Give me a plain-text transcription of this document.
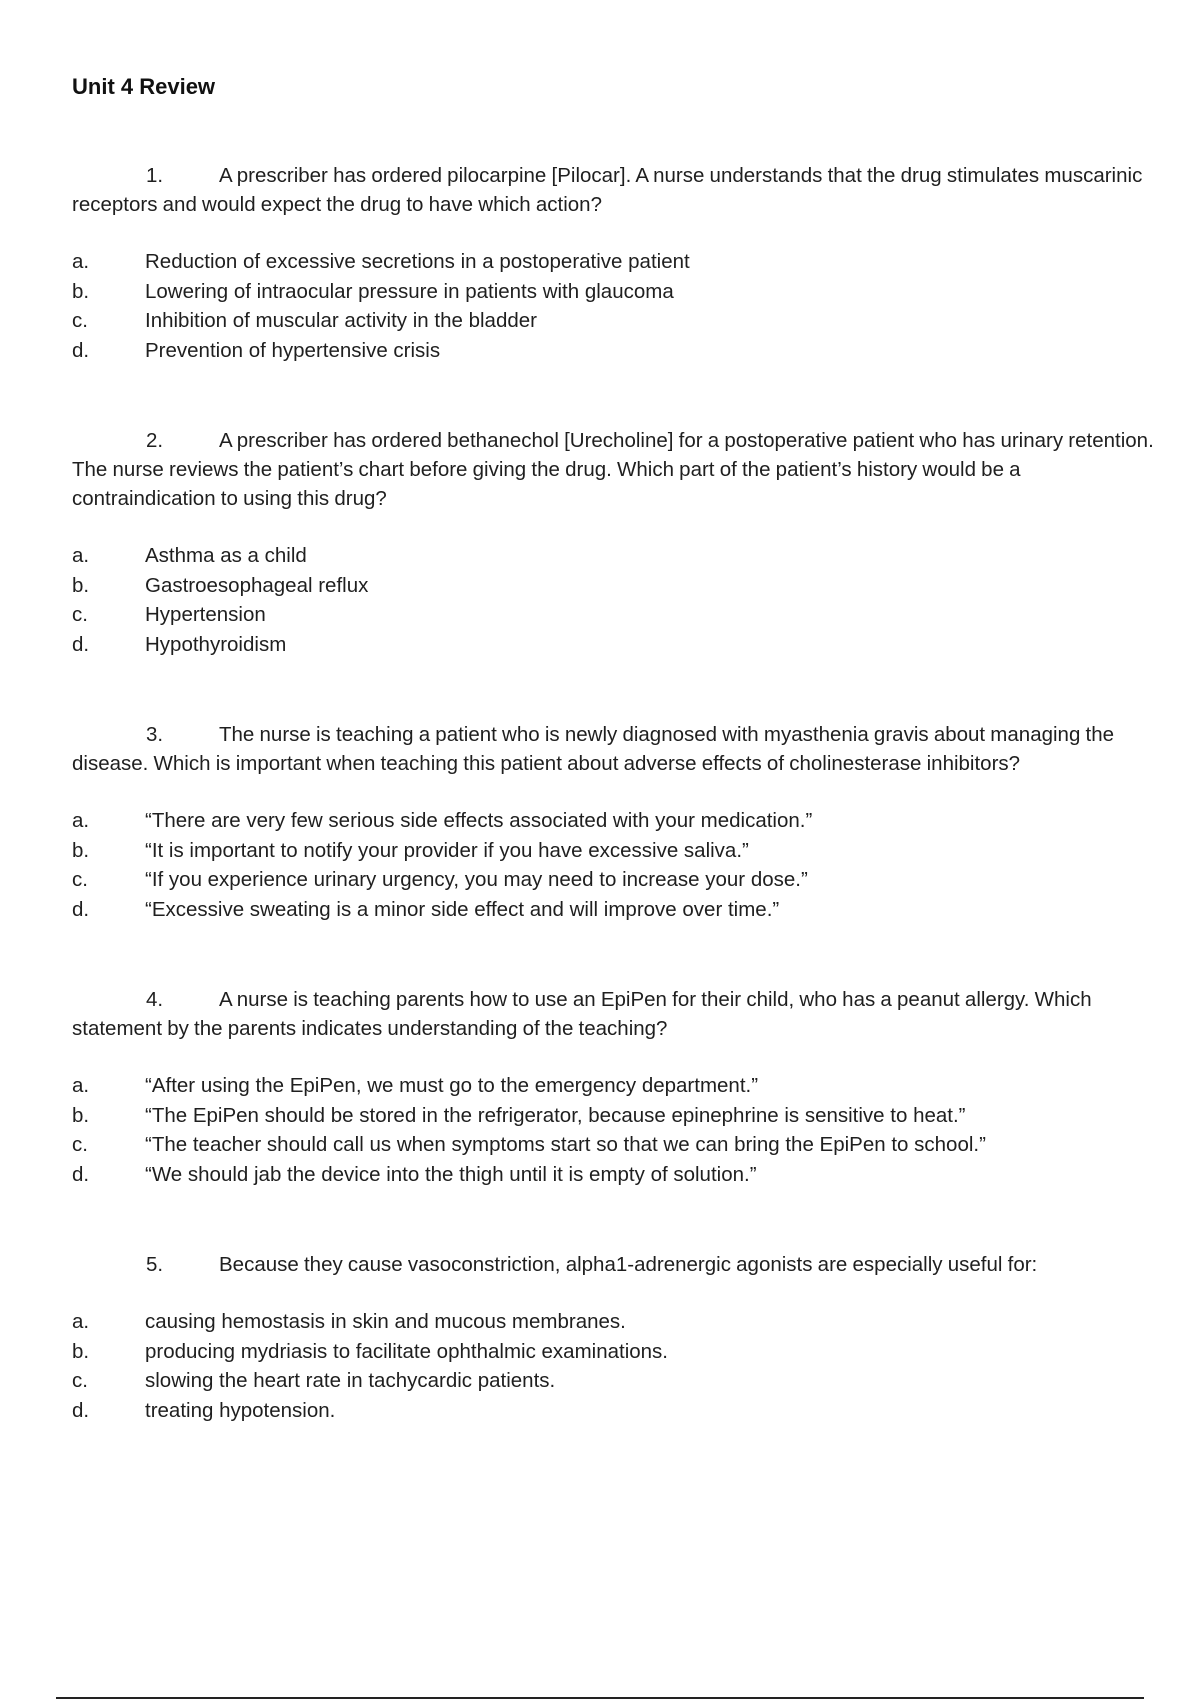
Unit 4 Review

1.	A prescriber has ordered pilocarpine [Pilocar]. A nurse understands that the drug stimulates muscarinic receptors and would expect the drug to have which action?

a.	Reduction of excessive secretions in a postoperative patient
b.	Lowering of intraocular pressure in patients with glaucoma
c.	Inhibition of muscular activity in the bladder
d.	Prevention of hypertensive crisis

2.	A prescriber has ordered bethanechol [Urecholine] for a postoperative patient who has urinary retention. The nurse reviews the patient’s chart before giving the drug. Which part of the patient’s history would be a contraindication to using this drug?

a.	Asthma as a child
b.	Gastroesophageal reflux
c.	Hypertension
d.	Hypothyroidism

3.	The nurse is teaching a patient who is newly diagnosed with myasthenia gravis about managing the disease. Which is important when teaching this patient about adverse effects of cholinesterase inhibitors?

a.	“There are very few serious side effects associated with your medication.”
b.	“It is important to notify your provider if you have excessive saliva.”
c.	“If you experience urinary urgency, you may need to increase your dose.”
d.	“Excessive sweating is a minor side effect and will improve over time.”

4.	A nurse is teaching parents how to use an EpiPen for their child, who has a peanut allergy. Which statement by the parents indicates understanding of the teaching?

a.	“After using the EpiPen, we must go to the emergency department.”
b.	“The EpiPen should be stored in the refrigerator, because epinephrine is sensitive to heat.”
c.	“The teacher should call us when symptoms start so that we can bring the EpiPen to school.”
d.	“We should jab the device into the thigh until it is empty of solution.”

5.	Because they cause vasoconstriction, alpha1-adrenergic agonists are especially useful for:

a.	causing hemostasis in skin and mucous membranes.
b.	producing mydriasis to facilitate ophthalmic examinations.
c.	slowing the heart rate in tachycardic patients.
d.	treating hypotension.
